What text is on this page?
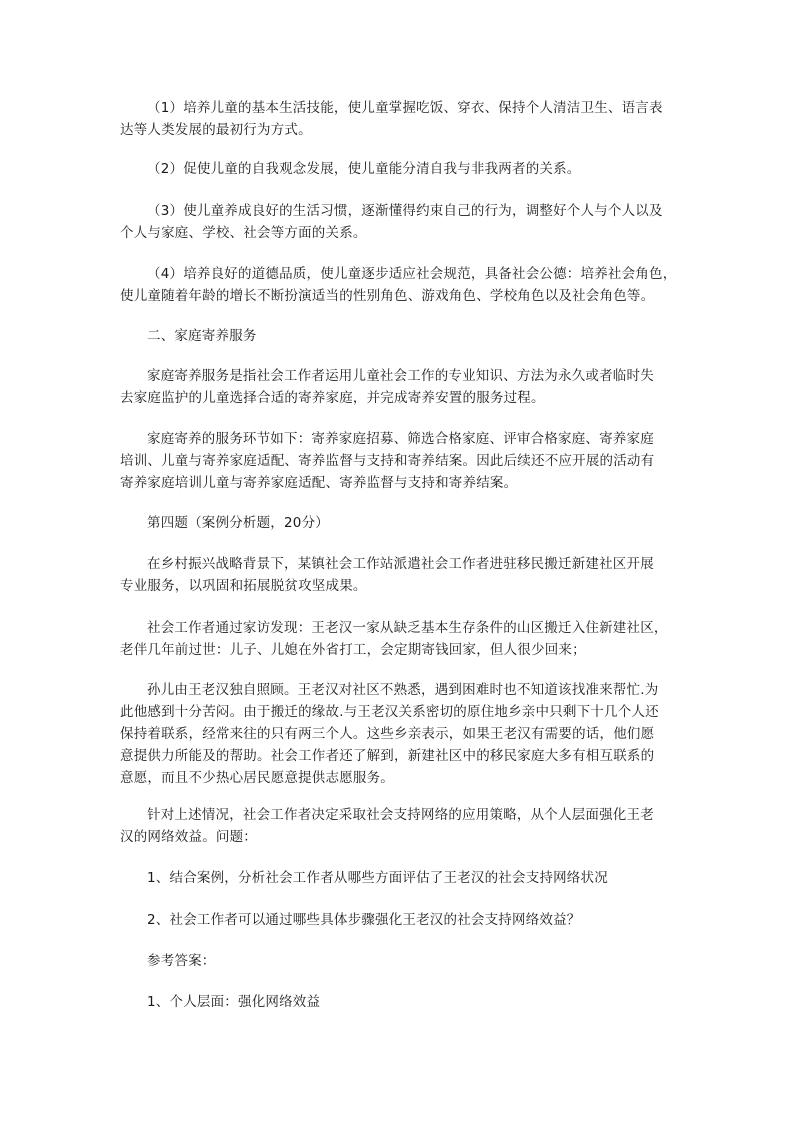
（1）培养儿童的基本生活技能，使儿童掌握吃饭、穿衣、保持个人清洁卫生、语言表
达等人类发展的最初行为方式。

（2）促使儿童的自我观念发展，使儿童能分清自我与非我两者的关系。

（3）使儿童养成良好的生活习惯，逐渐懂得约束自己的行为，调整好个人与个人以及
个人与家庭、学校、社会等方面的关系。

（4）培养良好的道德品质，使儿童逐步适应社会规范，具备社会公德：培养社会角色，
使儿童随着年龄的增长不断扮演适当的性别角色、游戏角色、学校角色以及社会角色等。

二、家庭寄养服务

家庭寄养服务是指社会工作者运用儿童社会工作的专业知识、方法为永久或者临时失
去家庭监护的儿童选择合适的寄养家庭，并完成寄养安置的服务过程。

家庭寄养的服务环节如下：寄养家庭招募、筛选合格家庭、评审合格家庭、寄养家庭
培训、儿童与寄养家庭适配、寄养监督与支持和寄养结案。因此后续还不应开展的活动有
寄养家庭培训儿童与寄养家庭适配、寄养监督与支持和寄养结案。

第四题（案例分析题，20分）

在乡村振兴战略背景下，某镇社会工作站派遣社会工作者进驻移民搬迁新建社区开展
专业服务，以巩固和拓展脱贫攻坚成果。

社会工作者通过家访发现：王老汉一家从缺乏基本生存条件的山区搬迁入住新建社区，
老伴几年前过世：儿子、儿媳在外省打工，会定期寄钱回家，但人很少回来；

孙儿由王老汉独自照顾。王老汉对社区不熟悉，遇到困难时也不知道该找准来帮忙.为
此他感到十分苦闷。由于搬迁的缘故.与王老汉关系密切的原住地乡亲中只剩下十几个人还
保持着联系，经常来往的只有两三个人。这些乡亲表示，如果王老汉有需要的话，他们愿
意提供力所能及的帮助。社会工作者还了解到，新建社区中的移民家庭大多有相互联系的
意愿，而且不少热心居民愿意提供志愿服务。

针对上述情况，社会工作者决定采取社会支持网络的应用策略，从个人层面强化王老
汉的网络效益。问题：

1、结合案例，分析社会工作者从哪些方面评估了王老汉的社会支持网络状况

2、社会工作者可以通过哪些具体步骤强化王老汉的社会支持网络效益？

参考答案：

1、个人层面：强化网络效益
